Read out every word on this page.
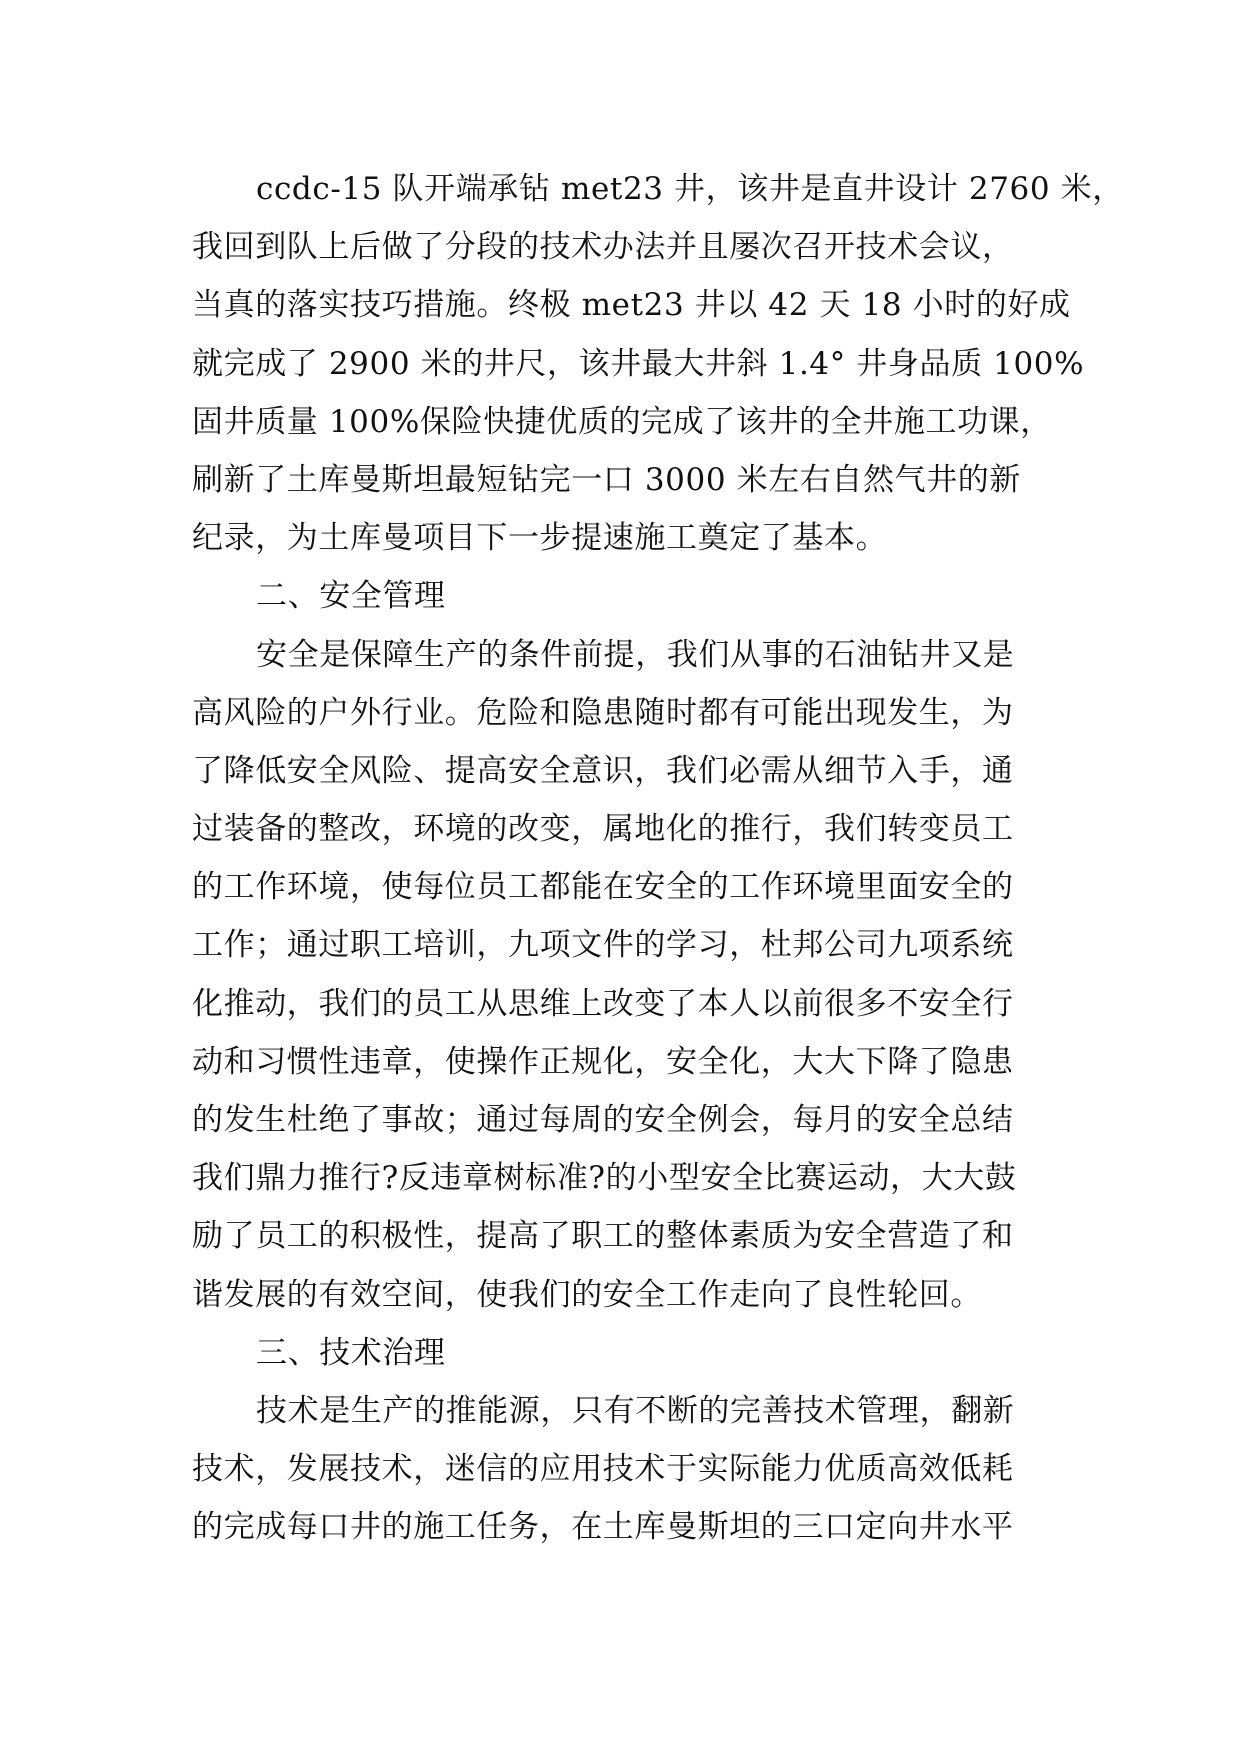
ccdc-15 队开端承钻 met23 井，该井是直井设计 2760 米，
我回到队上后做了分段的技术办法并且屡次召开技术会议，
当真的落实技巧措施。终极 met23 井以 42 天 18 小时的好成
就完成了 2900 米的井尺，该井最大井斜 1.4° 井身品质 100%
固井质量 100%保险快捷优质的完成了该井的全井施工功课，
刷新了土库曼斯坦最短钻完一口 3000 米左右自然气井的新
纪录，为土库曼项目下一步提速施工奠定了基本。
二、安全管理
安全是保障生产的条件前提，我们从事的石油钻井又是
高风险的户外行业。危险和隐患随时都有可能出现发生，为
了降低安全风险、提高安全意识，我们必需从细节入手，通
过装备的整改，环境的改变，属地化的推行，我们转变员工
的工作环境，使每位员工都能在安全的工作环境里面安全的
工作；通过职工培训，九项文件的学习，杜邦公司九项系统
化推动，我们的员工从思维上改变了本人以前很多不安全行
动和习惯性违章，使操作正规化，安全化，大大下降了隐患
的发生杜绝了事故；通过每周的安全例会，每月的安全总结
我们鼎力推行?反违章树标准?的小型安全比赛运动，大大鼓
励了员工的积极性，提高了职工的整体素质为安全营造了和
谐发展的有效空间，使我们的安全工作走向了良性轮回。
三、技术治理
技术是生产的推能源，只有不断的完善技术管理，翻新
技术，发展技术，迷信的应用技术于实际能力优质高效低耗
的完成每口井的施工任务，在土库曼斯坦的三口定向井水平
